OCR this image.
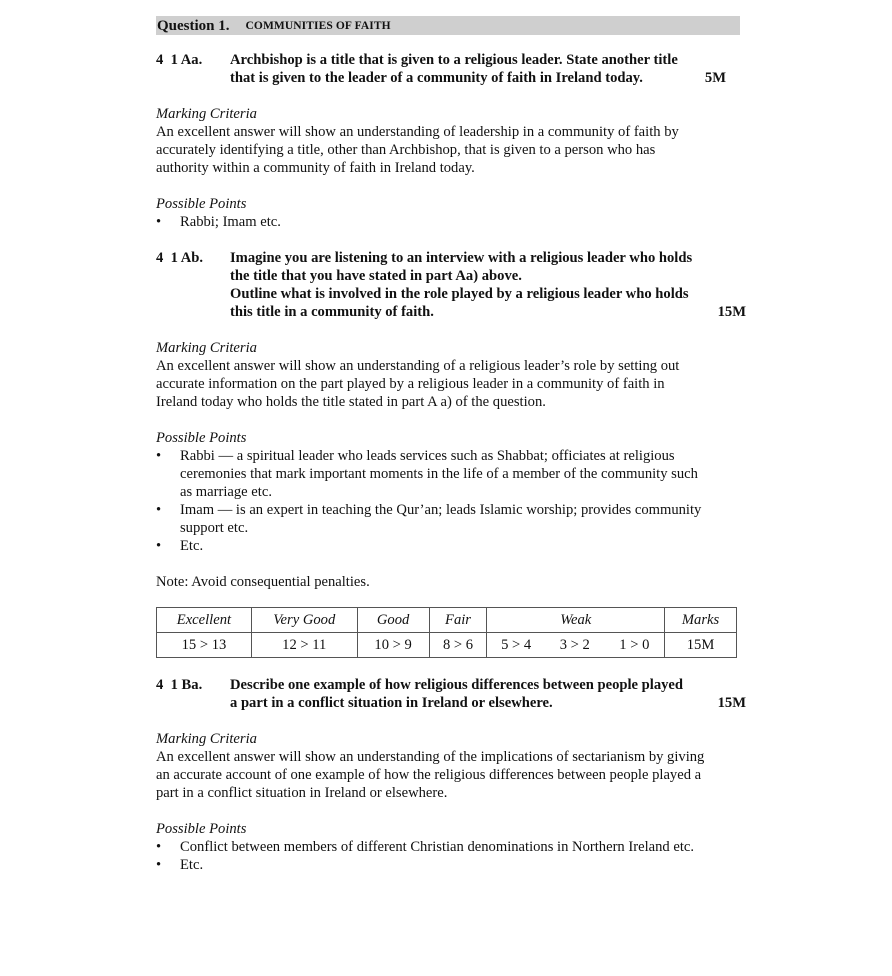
Question 1. COMMUNITIES OF FAITH
4  1 Aa.	Archbishop is a title that is given to a religious leader. State another title
that is given to the leader of a community of faith in Ireland today.	5M
Marking Criteria

An excellent answer will show an understanding of leadership in a community of faith by

accurately identifying a title, other than Archbishop, that is given to a person who has

authority within a community of faith in Ireland today.

Possible Points
• Rabbi; Imam etc.
4  1 Ab.	Imagine you are listening to an interview with a religious leader who holds
the title that you have stated in part Aa) above.
Outline what is involved in the role played by a religious leader who holds
this title in a community of faith.	15M
Marking Criteria

An excellent answer will show an understanding of a religious leader’s role by setting out

accurate information on the part played by a religious leader in a community of faith in

Ireland today who holds the title stated in part A a) of the question.

Possible Points
• Rabbi — a spiritual leader who leads services such as Shabbat; officiates at religious
ceremonies that mark important moments in the life of a member of the community such
as marriage etc.
• Imam — is an expert in teaching the Qur’an; leads Islamic worship; provides community
support etc.
• Etc.
Note: Avoid consequential penalties.
Excellent	Very Good	Good	Fair	Weak			Marks
15 > 13	12 > 11	10 > 9	8 > 6	5 > 4	3 > 2	1 > 0	15M
4  1 Ba.	Describe one example of how religious differences between people played
a part in a conflict situation in Ireland or elsewhere.	15M
Marking Criteria

An excellent answer will show an understanding of the implications of sectarianism by giving

an accurate account of one example of how the religious differences between people played a

part in a conflict situation in Ireland or elsewhere.

Possible Points
• Conflict between members of different Christian denominations in Northern Ireland etc.
• Etc.
